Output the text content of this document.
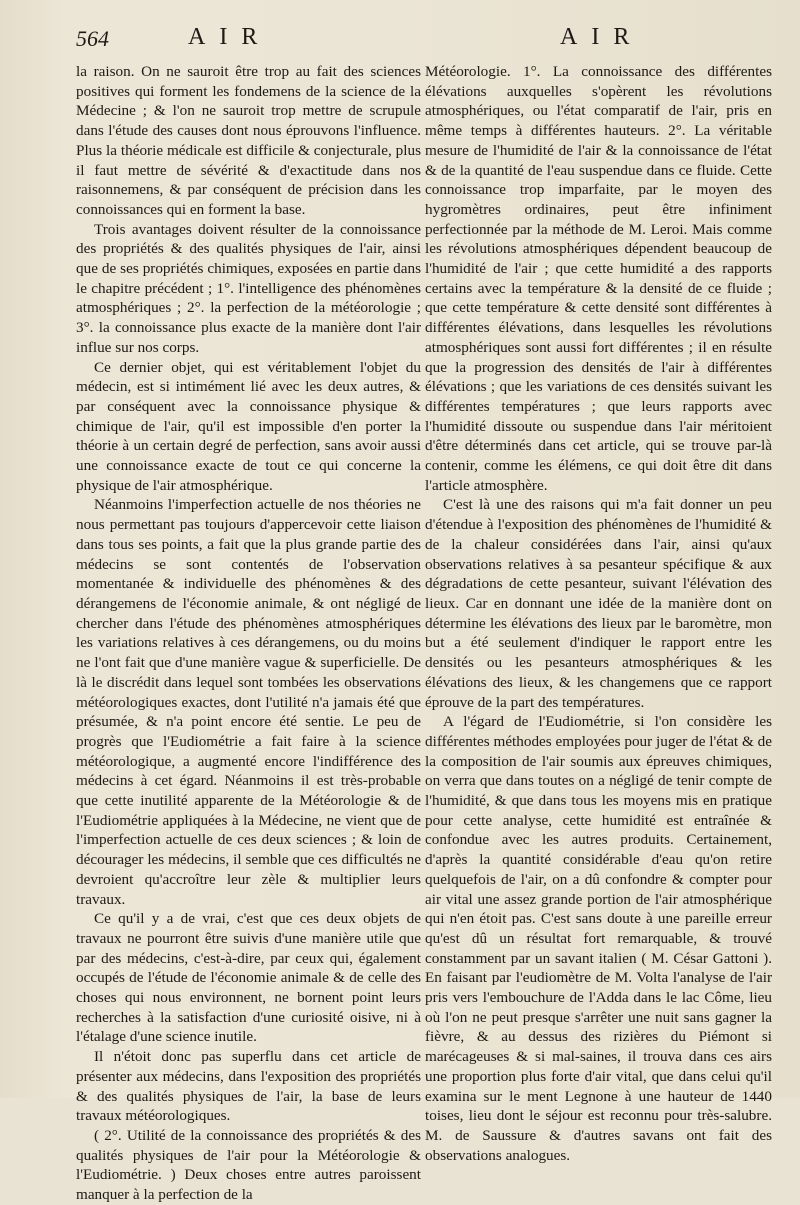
564	AIR	AIR

la raison. On ne sauroit être trop au fait des sciences positives qui forment les fondemens de la science de la Médecine ; & l'on ne sauroit trop mettre de scrupule dans l'étude des causes dont nous éprouvons l'influence. Plus la théorie médicale est difficile & conjecturale, plus il faut mettre de sévérité & d'exactitude dans nos raisonnemens, & par conséquent de précision dans les connoissances qui en forment la base.

Trois avantages doivent résulter de la connoissance des propriétés & des qualités physiques de l'air, ainsi que de ses propriétés chimiques, exposées en partie dans le chapitre précédent ; 1°. l'intelligence des phénomènes atmosphériques ; 2°. la perfection de la météorologie ; 3°. la connoissance plus exacte de la manière dont l'air influe sur nos corps.

Ce dernier objet, qui est véritablement l'objet du médecin, est si intimément lié avec les deux autres, & par conséquent avec la connoissance physique & chimique de l'air, qu'il est impossible d'en porter la théorie à un certain degré de perfection, sans avoir aussi une connoissance exacte de tout ce qui concerne la physique de l'air atmosphérique.

Néanmoins l'imperfection actuelle de nos théories ne nous permettant pas toujours d'appercevoir cette liaison dans tous ses points, a fait que la plus grande partie des médecins se sont contentés de l'observation momentanée & individuelle des phénomènes & des dérangemens de l'économie animale, & ont négligé de chercher dans l'étude des phénomènes atmosphériques les variations relatives à ces dérangemens, ou du moins ne l'ont fait que d'une manière vague & superficielle. De là le discrédit dans lequel sont tombées les observations météorologiques exactes, dont l'utilité n'a jamais été que présumée, & n'a point encore été sentie. Le peu de progrès que l'Eudiométrie a fait faire à la science météorologique, a augmenté encore l'indifférence des médecins à cet égard. Néanmoins il est très-probable que cette inutilité apparente de la Météorologie & de l'Eudiométrie appliquées à la Médecine, ne vient que de l'imperfection actuelle de ces deux sciences ; & loin de décourager les médecins, il semble que ces difficultés ne devroient qu'accroître leur zèle & multiplier leurs travaux.

Ce qu'il y a de vrai, c'est que ces deux objets de travaux ne pourront être suivis d'une manière utile que par des médecins, c'est-à-dire, par ceux qui, également occupés de l'étude de l'économie animale & de celle des choses qui nous environnent, ne bornent point leurs recherches à la satisfaction d'une curiosité oisive, ni à l'étalage d'une science inutile.

Il n'étoit donc pas superflu dans cet article de présenter aux médecins, dans l'exposition des propriétés & des qualités physiques de l'air, la base de leurs travaux météorologiques.

( 2°. Utilité de la connoissance des propriétés & des qualités physiques de l'air pour la Météorologie & l'Eudiométrie. ) Deux choses entre autres paroissent manquer à la perfection de la

Météorologie. 1°. La connoissance des différentes élévations auxquelles s'opèrent les révolutions atmosphériques, ou l'état comparatif de l'air, pris en même temps à différentes hauteurs. 2°. La véritable mesure de l'humidité de l'air & la connoissance de l'état & de la quantité de l'eau suspendue dans ce fluide. Cette connoissance trop imparfaite, par le moyen des hygromètres ordinaires, peut être infiniment perfectionnée par la méthode de M. Leroi. Mais comme les révolutions atmosphériques dépendent beaucoup de l'humidité de l'air ; que cette humidité a des rapports certains avec la température & la densité de ce fluide ; que cette température & cette densité sont différentes à différentes élévations, dans lesquelles les révolutions atmosphériques sont aussi fort différentes ; il en résulte que la progression des densités de l'air à différentes élévations ; que les variations de ces densités suivant les différentes températures ; que leurs rapports avec l'humidité dissoute ou suspendue dans l'air méritoient d'être déterminés dans cet article, qui se trouve par-là contenir, comme les élémens, ce qui doit être dit dans l'article atmosphère.

C'est là une des raisons qui m'a fait donner un peu d'étendue à l'exposition des phénomènes de l'humidité & de la chaleur considérées dans l'air, ainsi qu'aux observations relatives à sa pesanteur spécifique & aux dégradations de cette pesanteur, suivant l'élévation des lieux. Car en donnant une idée de la manière dont on détermine les élévations des lieux par le baromètre, mon but a été seulement d'indiquer le rapport entre les densités ou les pesanteurs atmosphériques & les élévations des lieux, & les changemens que ce rapport éprouve de la part des températures.

A l'égard de l'Eudiométrie, si l'on considère les différentes méthodes employées pour juger de l'état & de la composition de l'air soumis aux épreuves chimiques, on verra que dans toutes on a négligé de tenir compte de l'humidité, & que dans tous les moyens mis en pratique pour cette analyse, cette humidité est entraînée & confondue avec les autres produits. Certainement, d'après la quantité considérable d'eau qu'on retire quelquefois de l'air, on a dû confondre & compter pour air vital une assez grande portion de l'air atmosphérique qui n'en étoit pas. C'est sans doute à une pareille erreur qu'est dû un résultat fort remarquable, & trouvé constamment par un savant italien ( M. César Gattoni ). En faisant par l'eudiomètre de M. Volta l'analyse de l'air pris vers l'embouchure de l'Adda dans le lac Côme, lieu où l'on ne peut presque s'arrêter une nuit sans gagner la fièvre, & au dessus des rizières du Piémont si marécageuses & si mal-saines, il trouva dans ces airs une proportion plus forte d'air vital, que dans celui qu'il examina sur le ment Legnone à une hauteur de 1440 toises, lieu dont le séjour est reconnu pour très-salubre. M. de Saussure & d'autres savans ont fait des observations analogues.
